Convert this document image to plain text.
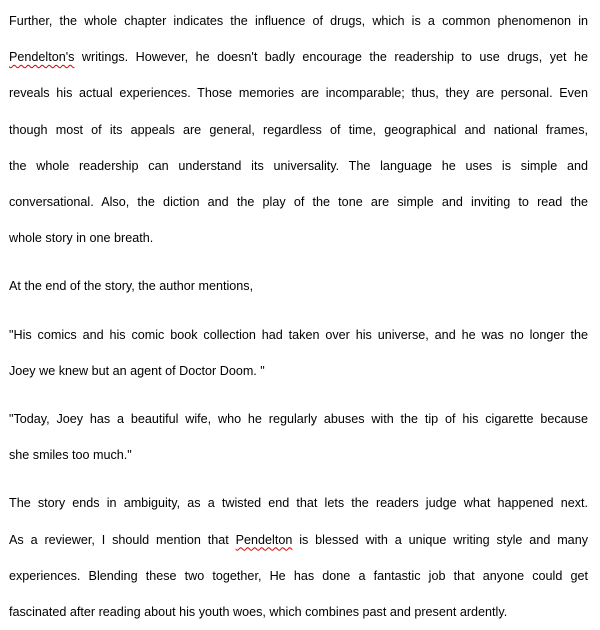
Further, the whole chapter indicates the influence of drugs, which is a common phenomenon in
Pendelton's writings. However, he doesn't badly encourage the readership to use drugs, yet he
reveals his actual experiences. Those memories are incomparable; thus, they are personal. Even
though most of its appeals are general, regardless of time, geographical and national frames,
the whole readership can understand its universality. The language he uses is simple and
conversational. Also, the diction and the play of the tone are simple and inviting to read the
whole story in one breath.

At the end of the story, the author mentions,

"His comics and his comic book collection had taken over his universe, and he was no longer the
Joey we knew but an agent of Doctor Doom. "

"Today, Joey has a beautiful wife, who he regularly abuses with the tip of his cigarette because
she smiles too much."

The story ends in ambiguity, as a twisted end that lets the readers judge what happened next.
As a reviewer, I should mention that Pendelton is blessed with a unique writing style and many
experiences. Blending these two together, He has done a fantastic job that anyone could get
fascinated after reading about his youth woes, which combines past and present ardently.
